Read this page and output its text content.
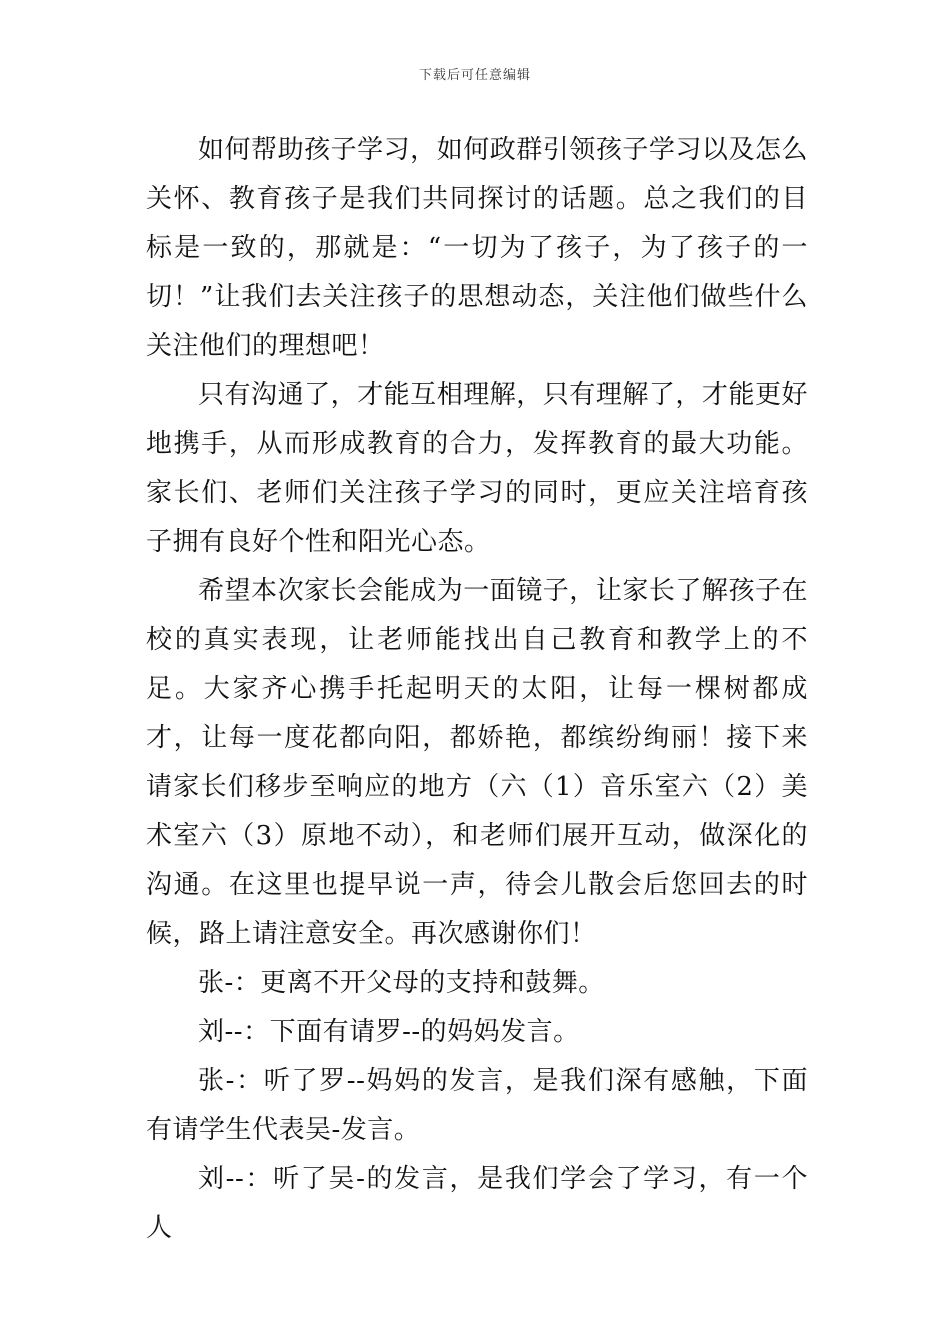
下载后可任意编辑

如何帮助孩子学习，如何政群引领孩子学习以及怎么关怀、教育孩子是我们共同探讨的话题。总之我们的目标是一致的，那就是：“一切为了孩子，为了孩子的一切！”让我们去关注孩子的思想动态，关注他们做些什么关注他们的理想吧！

只有沟通了，才能互相理解，只有理解了，才能更好地携手，从而形成教育的合力，发挥教育的最大功能。家长们、老师们关注孩子学习的同时，更应关注培育孩子拥有良好个性和阳光心态。

希望本次家长会能成为一面镜子，让家长了解孩子在校的真实表现，让老师能找出自己教育和教学上的不足。大家齐心携手托起明天的太阳，让每一棵树都成才，让每一度花都向阳，都娇艳，都缤纷绚丽！接下来请家长们移步至响应的地方（六（1）音乐室六（2）美术室六（3）原地不动），和老师们展开互动，做深化的沟通。在这里也提早说一声，待会儿散会后您回去的时候，路上请注意安全。再次感谢你们！

张-：更离不开父母的支持和鼓舞。

刘--：下面有请罗--的妈妈发言。

张-：听了罗--妈妈的发言，是我们深有感触，下面有请学生代表吴-发言。

刘--：听了吴-的发言，是我们学会了学习，有一个人
